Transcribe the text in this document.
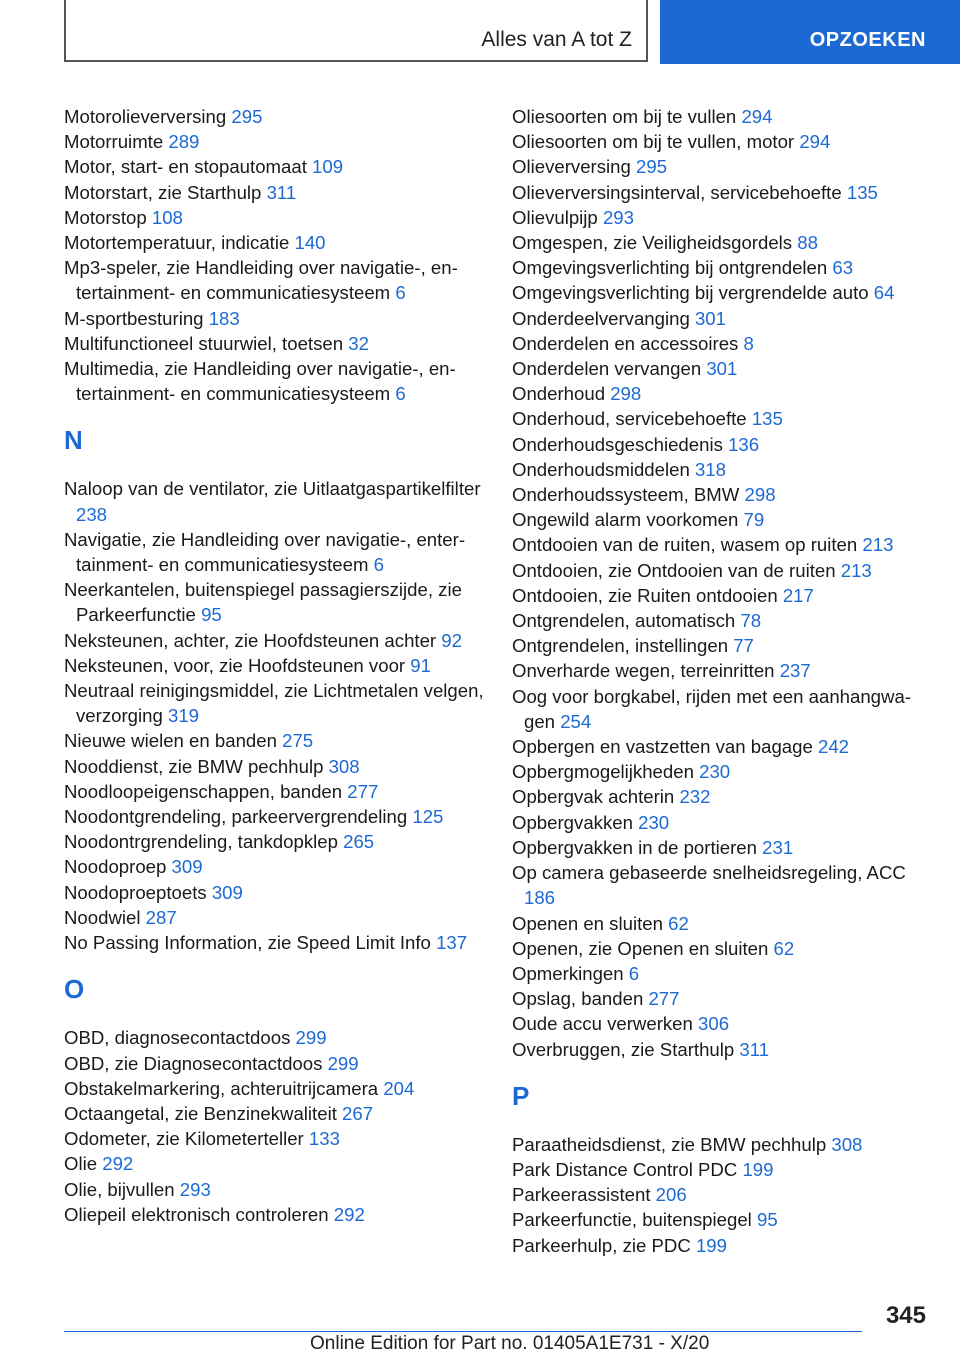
Alles van A tot Z	OPZOEKEN
Motorolieverversing 295
Motorruimte 289
Motor, start- en stopautomaat 109
Motorstart, zie Starthulp 311
Motorstop 108
Motortemperatuur, indicatie 140
Mp3-speler, zie Handleiding over navigatie-, entertainment- en communicatiesysteem 6
M-sportbesturing 183
Multifunctioneel stuurwiel, toetsen 32
Multimedia, zie Handleiding over navigatie-, entertainment- en communicatiesysteem 6
N
Naloop van de ventilator, zie Uitlaatgaspartikelfilter 238
Navigatie, zie Handleiding over navigatie-, entertainment- en communicatiesysteem 6
Neerkantelen, buitenspiegel passagierszijde, zie Parkeerfunctie 95
Neksteunen, achter, zie Hoofdsteunen achter 92
Neksteunen, voor, zie Hoofdsteunen voor 91
Neutraal reinigingsmiddel, zie Lichtmetalen velgen, verzorging 319
Nieuwe wielen en banden 275
Nooddienst, zie BMW pechhulp 308
Noodloopeigenschappen, banden 277
Noodontgrendeling, parkeervergrendeling 125
Noodontrgrendeling, tankdopklep 265
Noodoproep 309
Noodoproeptoets 309
Noodwiel 287
No Passing Information, zie Speed Limit Info 137
O
OBD, diagnosecontactdoos 299
OBD, zie Diagnosecontactdoos 299
Obstakelmarkering, achteruitrijcamera 204
Octaangetal, zie Benzinekwaliteit 267
Odometer, zie Kilometerteller 133
Olie 292
Olie, bijvullen 293
Oliepeil elektronisch controleren 292
Oliesoorten om bij te vullen 294
Oliesoorten om bij te vullen, motor 294
Olieverversing 295
Olieverversingsinterval, servicebehoefte 135
Olievulpijp 293
Omgespen, zie Veiligheidsgordels 88
Omgevingsverlichting bij ontgrendelen 63
Omgevingsverlichting bij vergrendelde auto 64
Onderdeelvervanging 301
Onderdelen en accessoires 8
Onderdelen vervangen 301
Onderhoud 298
Onderhoud, servicebehoefte 135
Onderhoudsgeschiedenis 136
Onderhoudsmiddelen 318
Onderhoudssysteem, BMW 298
Ongewild alarm voorkomen 79
Ontdooien van de ruiten, wasem op ruiten 213
Ontdooien, zie Ontdooien van de ruiten 213
Ontdooien, zie Ruiten ontdooien 217
Ontgrendelen, automatisch 78
Ontgrendelen, instellingen 77
Onverharde wegen, terreinritten 237
Oog voor borgkabel, rijden met een aanhangwagen 254
Opbergen en vastzetten van bagage 242
Opbergmogelijkheden 230
Opbergvak achterin 232
Opbergvakken 230
Opbergvakken in de portieren 231
Op camera gebaseerde snelheidsregeling, ACC 186
Openen en sluiten 62
Openen, zie Openen en sluiten 62
Opmerkingen 6
Opslag, banden 277
Oude accu verwerken 306
Overbruggen, zie Starthulp 311
P
Paraatheidsdienst, zie BMW pechhulp 308
Park Distance Control PDC 199
Parkeerassistent 206
Parkeerfunctie, buitenspiegel 95
Parkeerhulp, zie PDC 199
345
Online Edition for Part no. 01405A1E731 - X/20
